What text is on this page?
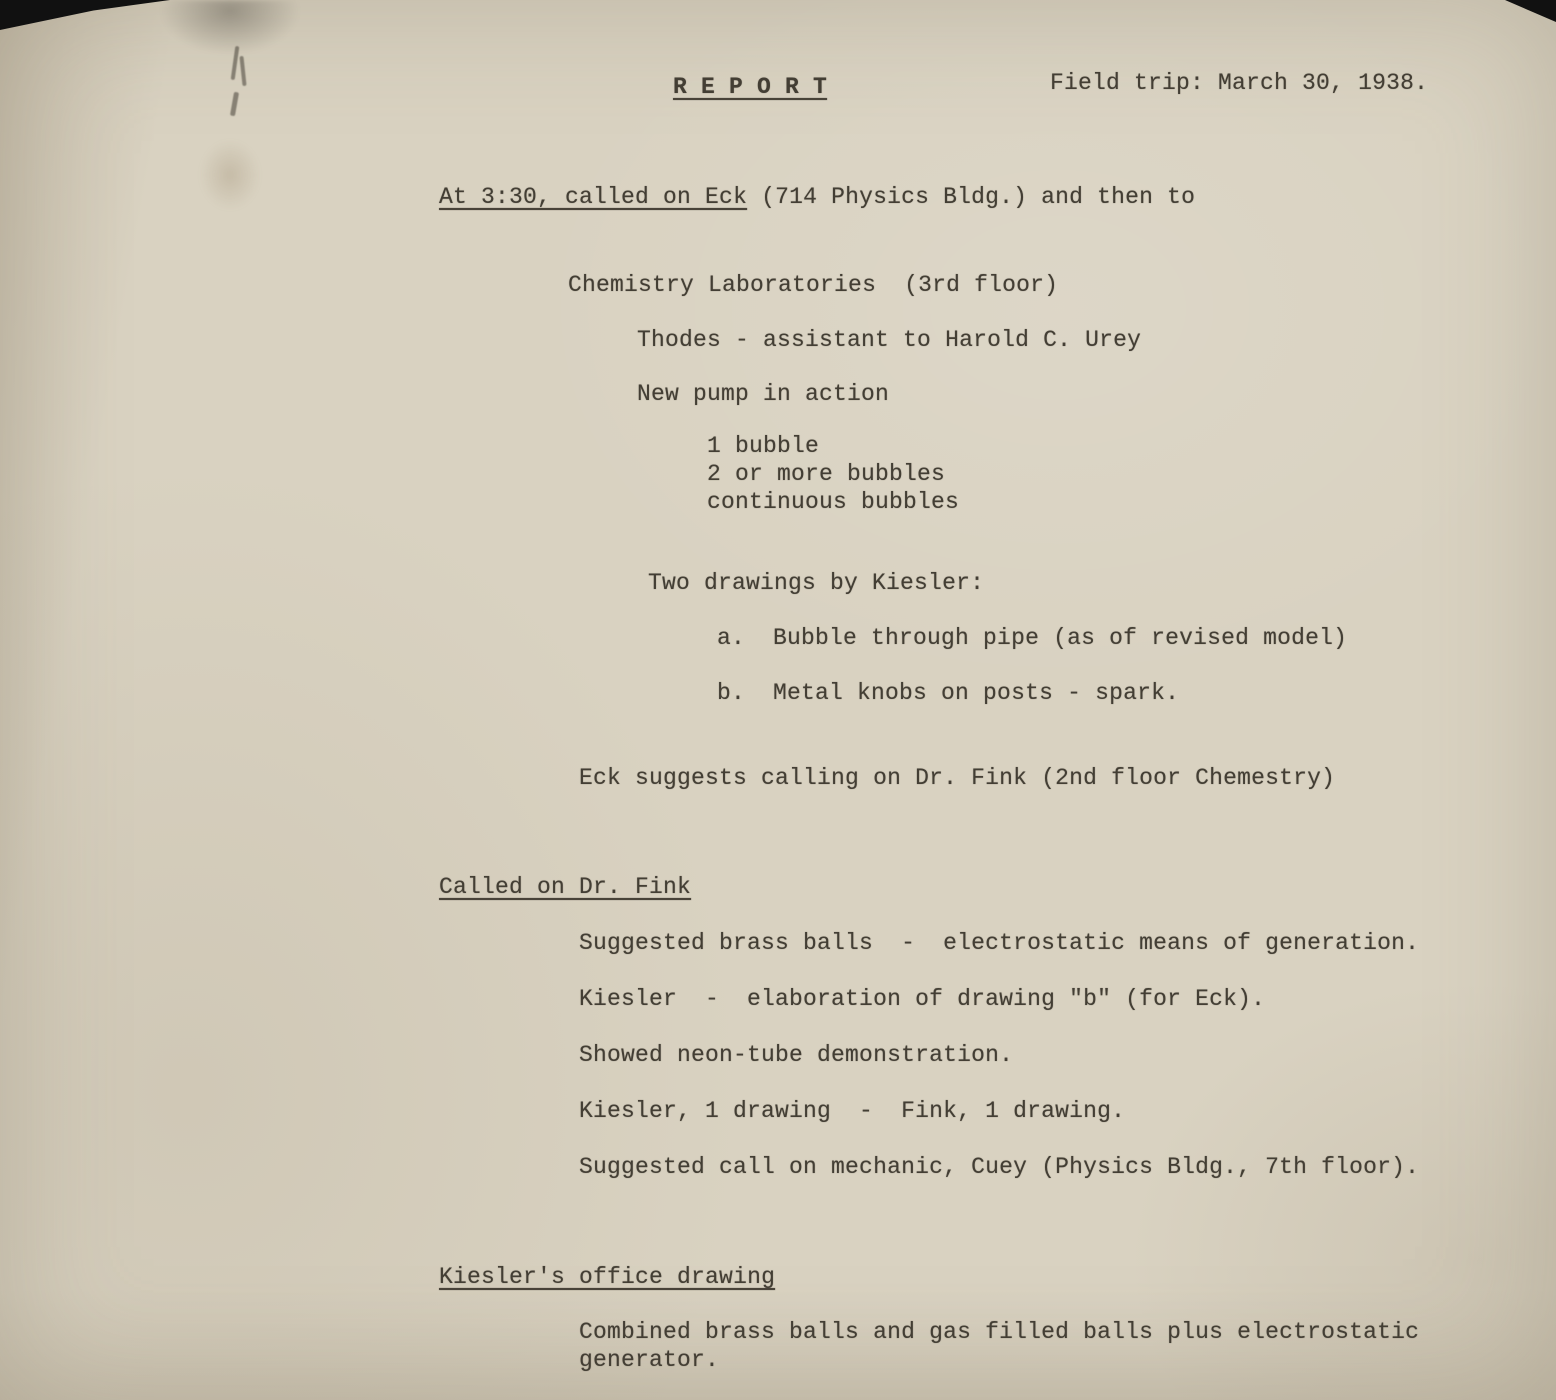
R E P O R T
	Field trip: March 30, 1938.

At 3:30, called on Eck (714 Physics Bldg.) and then to

Chemistry Laboratories  (3rd floor)

Thodes - assistant to Harold C. Urey

New pump in action

1 bubble

2 or more bubbles

continuous bubbles

Two drawings by Kiesler:

a.  Bubble through pipe (as of revised model)

b.  Metal knobs on posts - spark.

Eck suggests calling on Dr. Fink (2nd floor Chemestry)

Called on Dr. Fink

Suggested brass balls  -  electrostatic means of generation.

Kiesler  -  elaboration of drawing "b" (for Eck).

Showed neon-tube demonstration.

Kiesler, 1 drawing  -  Fink, 1 drawing.

Suggested call on mechanic, Cuey (Physics Bldg., 7th floor).

Kiesler's office drawing

Combined brass balls and gas filled balls plus electrostatic

generator.
